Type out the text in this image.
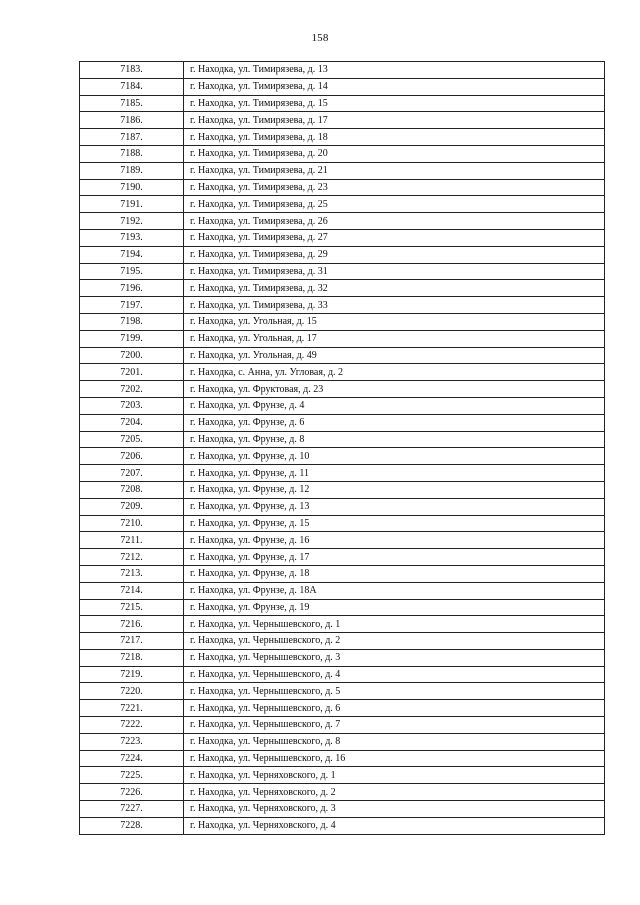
158
7183.	г. Находка, ул. Тимирязева, д. 13
7184.	г. Находка, ул. Тимирязева, д. 14
7185.	г. Находка, ул. Тимирязева, д. 15
7186.	г. Находка, ул. Тимирязева, д. 17
7187.	г. Находка, ул. Тимирязева, д. 18
7188.	г. Находка, ул. Тимирязева, д. 20
7189.	г. Находка, ул. Тимирязева, д. 21
7190.	г. Находка, ул. Тимирязева, д. 23
7191.	г. Находка, ул. Тимирязева, д. 25
7192.	г. Находка, ул. Тимирязева, д. 26
7193.	г. Находка, ул. Тимирязева, д. 27
7194.	г. Находка, ул. Тимирязева, д. 29
7195.	г. Находка, ул. Тимирязева, д. 31
7196.	г. Находка, ул. Тимирязева, д. 32
7197.	г. Находка, ул. Тимирязева, д. 33
7198.	г. Находка, ул. Угольная, д. 15
7199.	г. Находка, ул. Угольная, д. 17
7200.	г. Находка, ул. Угольная, д. 49
7201.	г. Находка, с. Анна, ул. Угловая, д. 2
7202.	г. Находка, ул. Фруктовая, д. 23
7203.	г. Находка, ул. Фрунзе, д. 4
7204.	г. Находка, ул. Фрунзе, д. 6
7205.	г. Находка, ул. Фрунзе, д. 8
7206.	г. Находка, ул. Фрунзе, д. 10
7207.	г. Находка, ул. Фрунзе, д. 11
7208.	г. Находка, ул. Фрунзе, д. 12
7209.	г. Находка, ул. Фрунзе, д. 13
7210.	г. Находка, ул. Фрунзе, д. 15
7211.	г. Находка, ул. Фрунзе, д. 16
7212.	г. Находка, ул. Фрунзе, д. 17
7213.	г. Находка, ул. Фрунзе, д. 18
7214.	г. Находка, ул. Фрунзе, д. 18А
7215.	г. Находка, ул. Фрунзе, д. 19
7216.	г. Находка, ул. Чернышевского, д. 1
7217.	г. Находка, ул. Чернышевского, д. 2
7218.	г. Находка, ул. Чернышевского, д. 3
7219.	г. Находка, ул. Чернышевского, д. 4
7220.	г. Находка, ул. Чернышевского, д. 5
7221.	г. Находка, ул. Чернышевского, д. 6
7222.	г. Находка, ул. Чернышевского, д. 7
7223.	г. Находка, ул. Чернышевского, д. 8
7224.	г. Находка, ул. Чернышевского, д. 16
7225.	г. Находка, ул. Черняховского, д. 1
7226.	г. Находка, ул. Черняховского, д. 2
7227.	г. Находка, ул. Черняховского, д. 3
7228.	г. Находка, ул. Черняховского, д. 4
